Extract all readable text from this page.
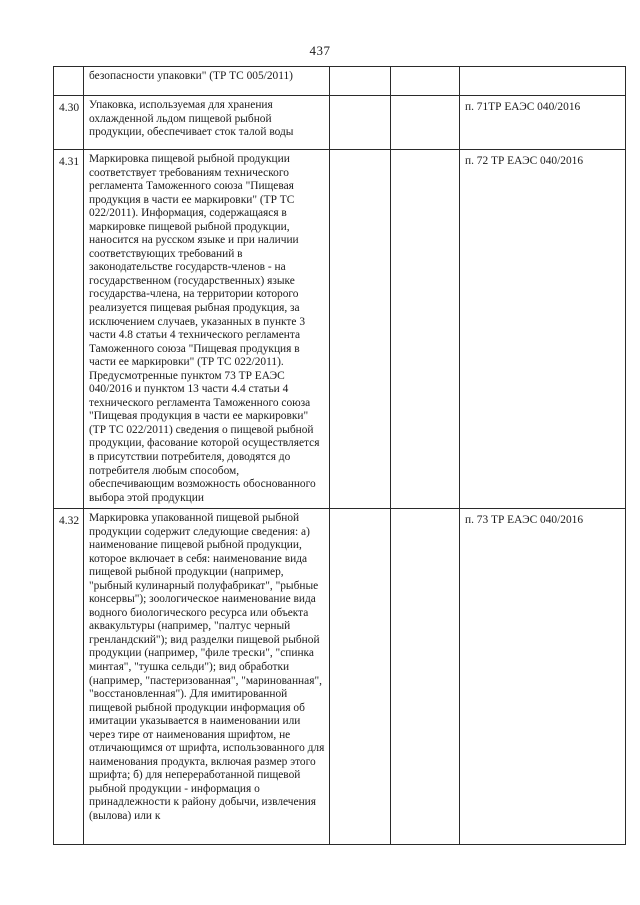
437

	безопасности упаковки" (ТР ТС 005/2011)			

4.30	Упаковка, используемая для хранения охлажденной льдом пищевой рыбной продукции, обеспечивает сток талой воды			п. 71ТР ЕАЭС 040/2016

4.31	Маркировка пищевой рыбной продукции соответствует требованиям технического регламента Таможенного союза "Пищевая продукция в части ее маркировки" (ТР ТС 022/2011). Информация, содержащаяся в маркировке пищевой рыбной продукции, наносится на русском языке и при наличии соответствующих требований в законодательстве государств-членов - на государственном (государственных) языке государства-члена, на территории которого реализуется пищевая рыбная продукция, за исключением случаев, указанных в пункте 3 части 4.8 статьи 4 технического регламента Таможенного союза "Пищевая продукция в части ее маркировки" (ТР ТС 022/2011). Предусмотренные пунктом 73 ТР ЕАЭС 040/2016 и пунктом 13 части 4.4 статьи 4 технического регламента Таможенного союза "Пищевая продукция в части ее маркировки" (ТР ТС 022/2011) сведения о пищевой рыбной продукции, фасование которой осуществляется в присутствии потребителя, доводятся до потребителя любым способом, обеспечивающим возможность обоснованного выбора этой продукции			п. 72 ТР ЕАЭС 040/2016

4.32	Маркировка упакованной пищевой рыбной продукции содержит следующие сведения: а) наименование пищевой рыбной продукции, которое включает в себя: наименование вида пищевой рыбной продукции (например, "рыбный кулинарный полуфабрикат", "рыбные консервы"); зоологическое наименование вида водного биологического ресурса или объекта аквакультуры (например, "палтус черный гренландский"); вид разделки пищевой рыбной продукции (например, "филе трески", "спинка минтая", "тушка сельди"); вид обработки (например, "пастеризованная", "маринованная", "восстановленная"). Для имитированной пищевой рыбной продукции информация об имитации указывается в наименовании или через тире от наименования шрифтом, не отличающимся от шрифта, использованного для наименования продукта, включая размер этого шрифта; б) для непереработанной пищевой рыбной продукции - информация о принадлежности к району добычи, извлечения (вылова) или к			п. 73 ТР ЕАЭС 040/2016
